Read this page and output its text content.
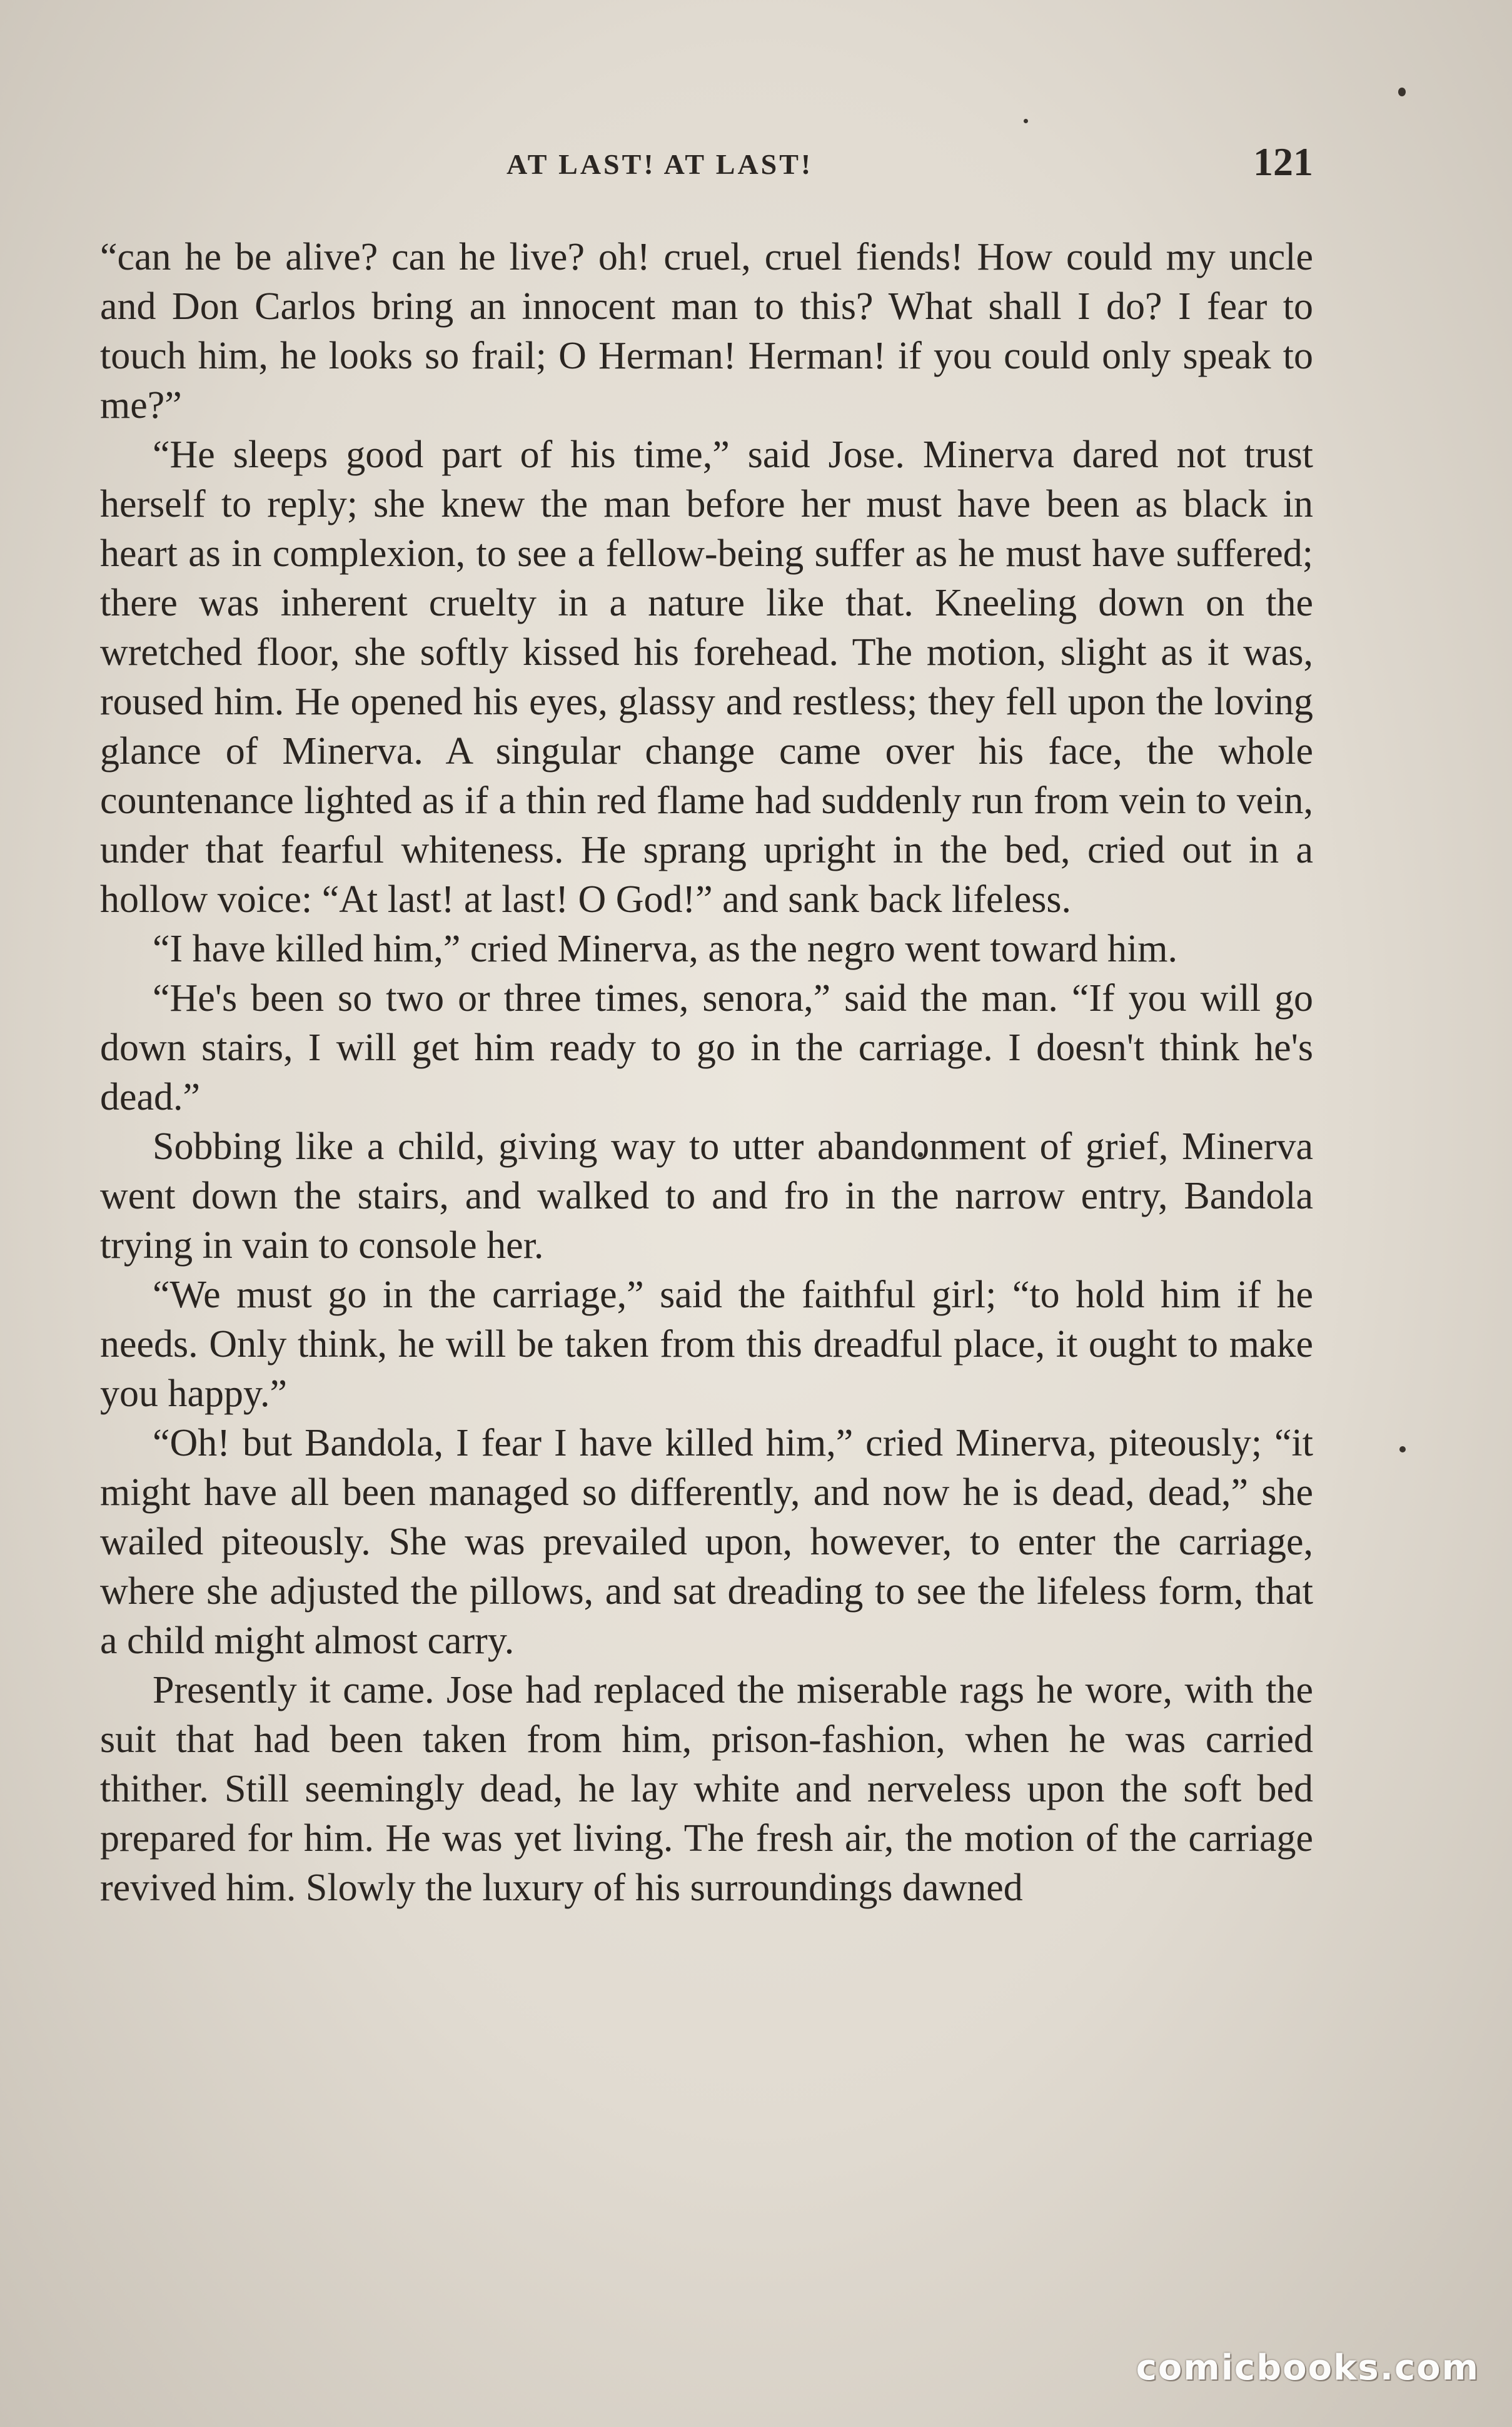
AT LAST! AT LAST!	121

“can he be alive? can he live? oh! cruel, cruel fiends! How could my uncle and Don Carlos bring an innocent man to this? What shall I do? I fear to touch him, he looks so frail; O Herman! Herman! if you could only speak to me?”

“He sleeps good part of his time,” said Jose. Minerva dared not trust herself to reply; she knew the man before her must have been as black in heart as in complexion, to see a fellow-being suffer as he must have suffered; there was inherent cruelty in a nature like that. Kneeling down on the wretched floor, she softly kissed his forehead. The motion, slight as it was, roused him. He opened his eyes, glassy and restless; they fell upon the loving glance of Minerva. A singular change came over his face, the whole countenance lighted as if a thin red flame had suddenly run from vein to vein, under that fearful whiteness. He sprang upright in the bed, cried out in a hollow voice: “At last! at last! O God!” and sank back lifeless.

“I have killed him,” cried Minerva, as the negro went toward him.

“He's been so two or three times, senora,” said the man. “If you will go down stairs, I will get him ready to go in the carriage. I doesn't think he's dead.”

Sobbing like a child, giving way to utter abandonment of grief, Minerva went down the stairs, and walked to and fro in the narrow entry, Bandola trying in vain to console her.

“We must go in the carriage,” said the faithful girl; “to hold him if he needs. Only think, he will be taken from this dreadful place, it ought to make you happy.”

“Oh! but Bandola, I fear I have killed him,” cried Minerva, piteously; “it might have all been managed so differently, and now he is dead, dead,” she wailed piteously. She was prevailed upon, however, to enter the carriage, where she adjusted the pillows, and sat dreading to see the lifeless form, that a child might almost carry.

Presently it came. Jose had replaced the miserable rags he wore, with the suit that had been taken from him, prison-fashion, when he was carried thither. Still seemingly dead, he lay white and nerveless upon the soft bed prepared for him. He was yet living. The fresh air, the motion of the carriage revived him. Slowly the luxury of his surroundings dawned

comicbooks.com
